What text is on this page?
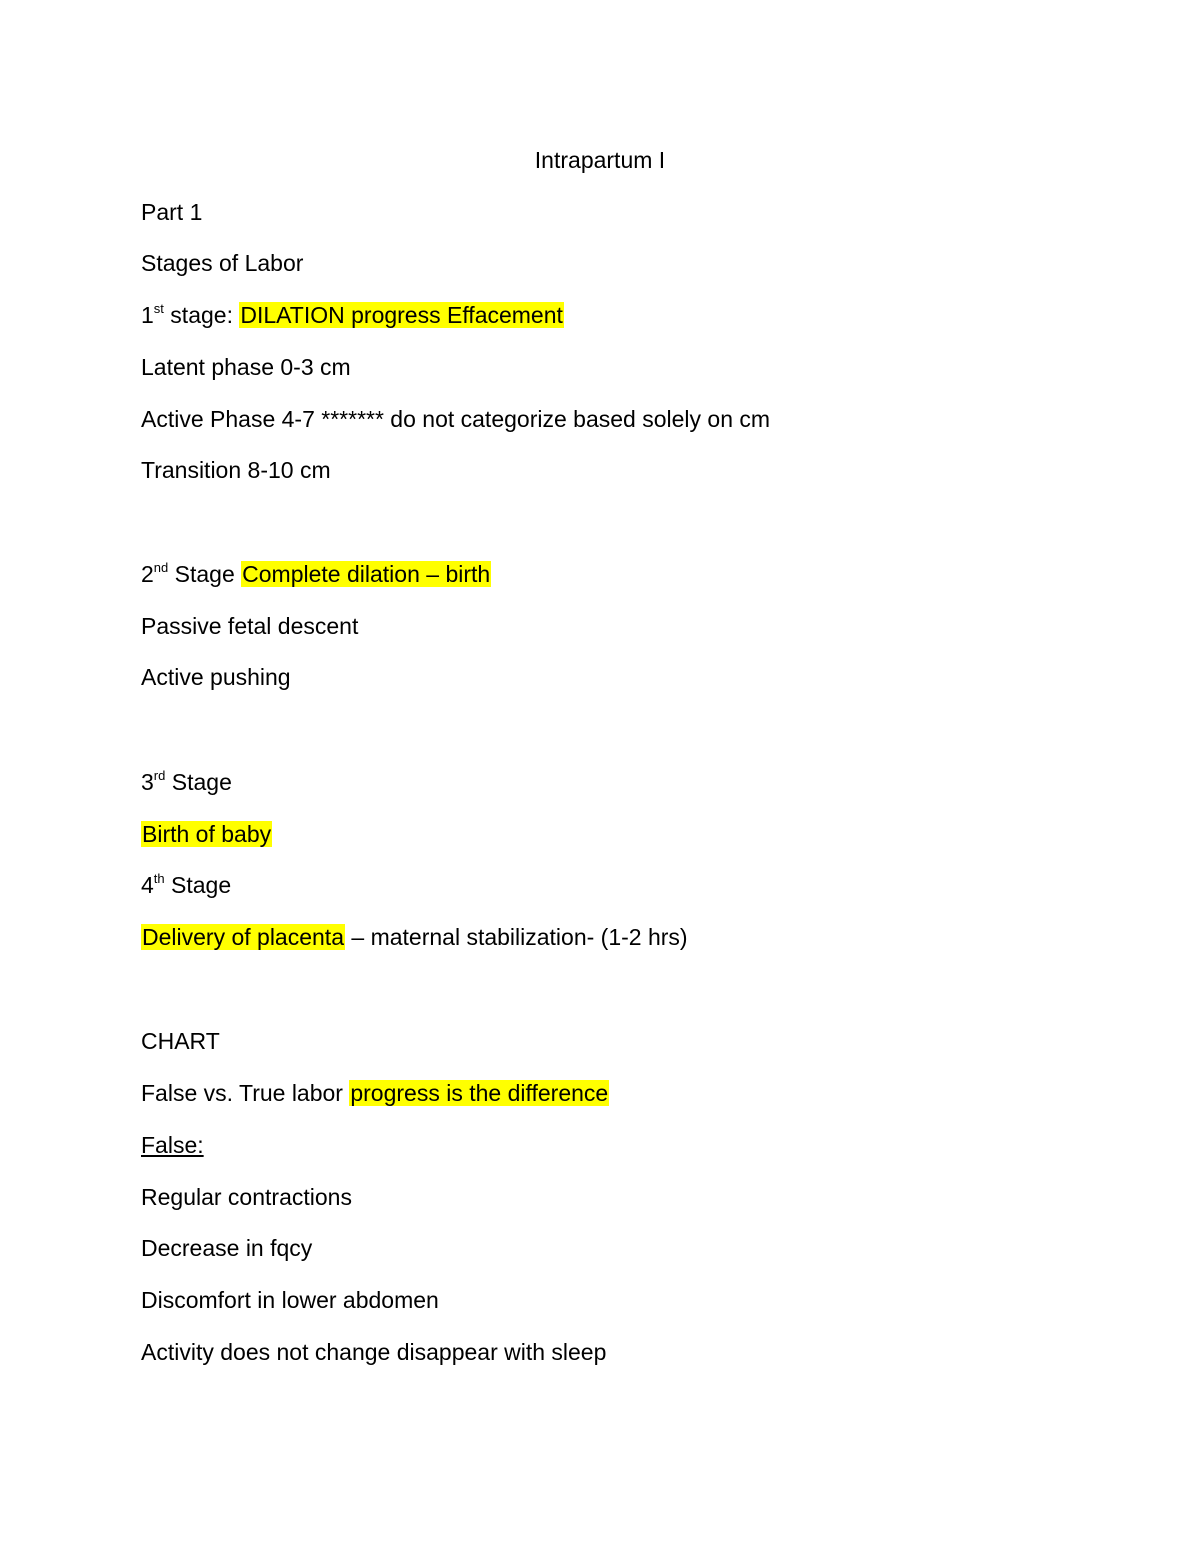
Intrapartum I
Part 1
Stages of Labor
1st stage: DILATION progress Effacement
Latent phase 0-3 cm
Active Phase 4-7 ******* do not categorize based solely on cm
Transition 8-10 cm
2nd Stage Complete dilation – birth
Passive fetal descent
Active pushing
3rd Stage
Birth of baby
4th Stage
Delivery of placenta – maternal stabilization- (1-2 hrs)
CHART
False vs. True labor progress is the difference
False:
Regular contractions
Decrease in fqcy
Discomfort in lower abdomen
Activity does not change disappear with sleep
